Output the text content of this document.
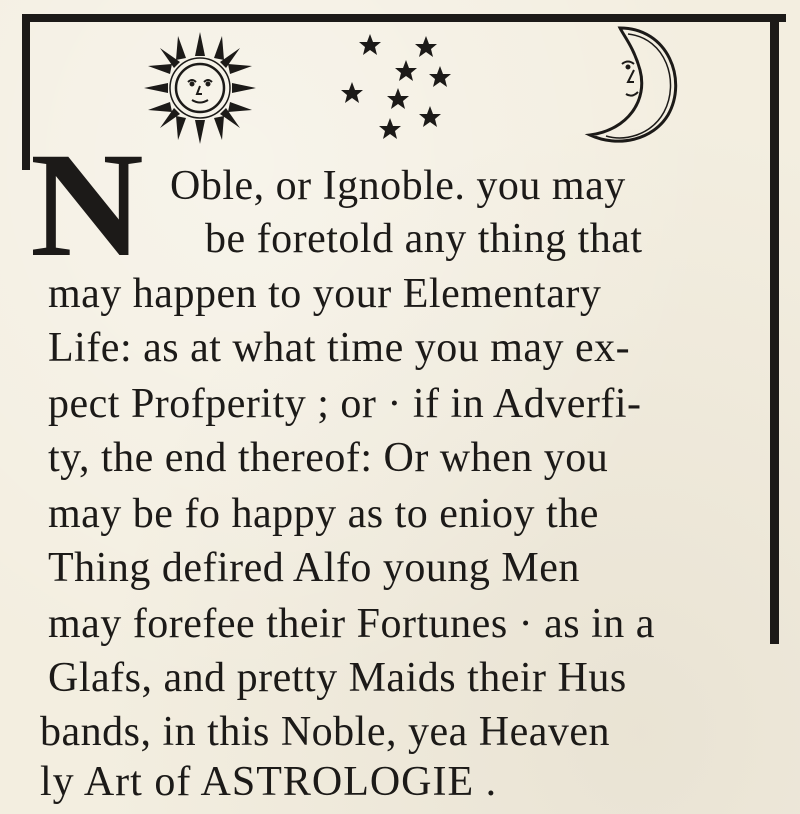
N Oble, or Ignoble. you may
be foretold any thing that
may happen to your Elementary
Life: as at what time you may ex-
pect Profperity ; or · if in Adverfi-
ty, the end thereof: Or when you
may be fo happy as to enioy the
Thing defired Alfo young Men
may forefee their Fortunes · as in a
Glafs, and pretty Maids their Hus
bands, in this Noble, yea Heaven
ly Art of ASTROLOGIE .
